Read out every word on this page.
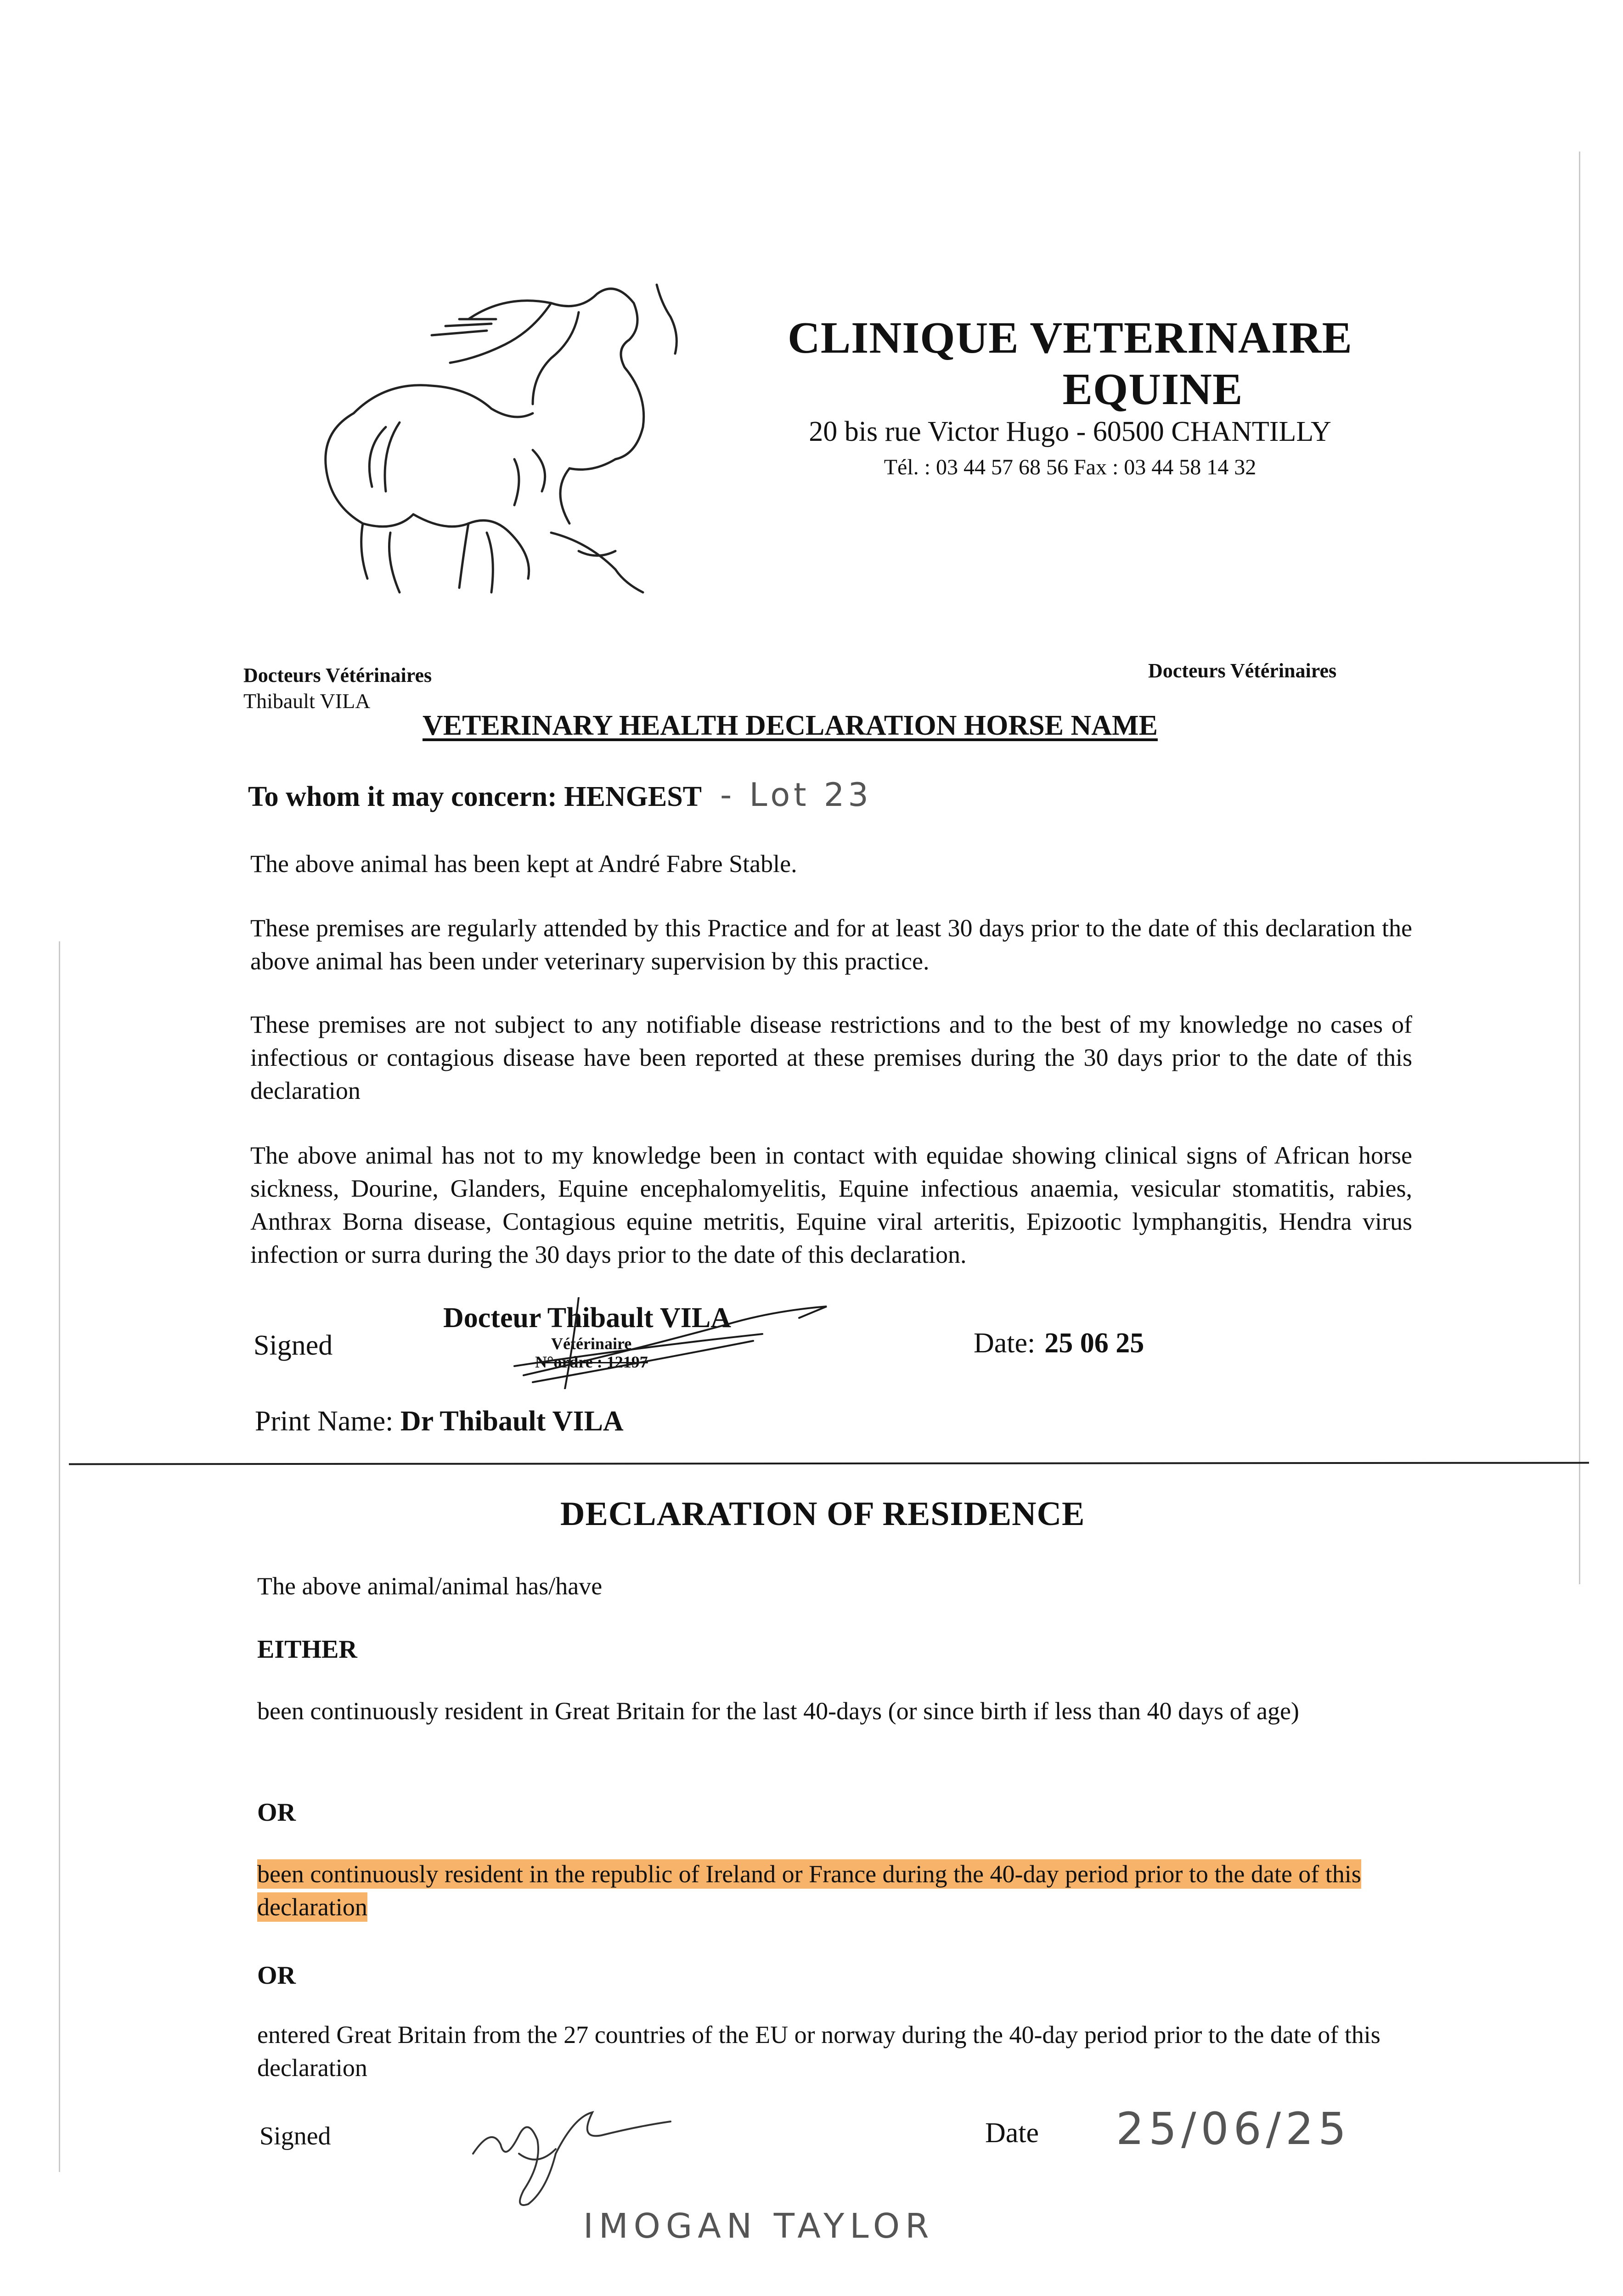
CLINIQUE VETERINAIRE
EQUINE
20 bis rue Victor Hugo - 60500 CHANTILLY
Tél. : 03 44 57 68 56 Fax : 03 44 58 14 32
Docteurs Vétérinaires
Thibault VILA
Docteurs Vétérinaires
VETERINARY HEALTH DECLARATION HORSE NAME
To whom it may concern: HENGEST - Lot 23
The above animal has been kept at André Fabre Stable.
These premises are regularly attended by this Practice and for at least 30 days prior to the date of this declaration the above animal has been under veterinary supervision by this practice.
These premises are not subject to any notifiable disease restrictions and to the best of my knowledge no cases of infectious or contagious disease have been reported at these premises during the 30 days prior to the date of this declaration
The above animal has not to my knowledge been in contact with equidae showing clinical signs of African horse sickness, Dourine, Glanders, Equine encephalomyelitis, Equine infectious anaemia, vesicular stomatitis, rabies, Anthrax Borna disease, Contagious equine metritis, Equine viral arteritis, Epizootic lymphangitis, Hendra virus infection or surra during the 30 days prior to the date of this declaration.
Signed
Docteur Thibault VILA
Vétérinaire
N°ordre : 12197
Date: 25 06 25
Print Name: Dr Thibault VILA
DECLARATION OF RESIDENCE
The above animal/animal has/have
EITHER
been continuously resident in Great Britain for the last 40-days (or since birth if less than 40 days of age)
OR
been continuously resident in the republic of Ireland or France during the 40-day period prior to the date of this declaration
OR
entered Great Britain from the 27 countries of the EU or norway during the 40-day period prior to the date of this declaration
Signed	Date 25/06/25
IMOGAN TAYLOR
